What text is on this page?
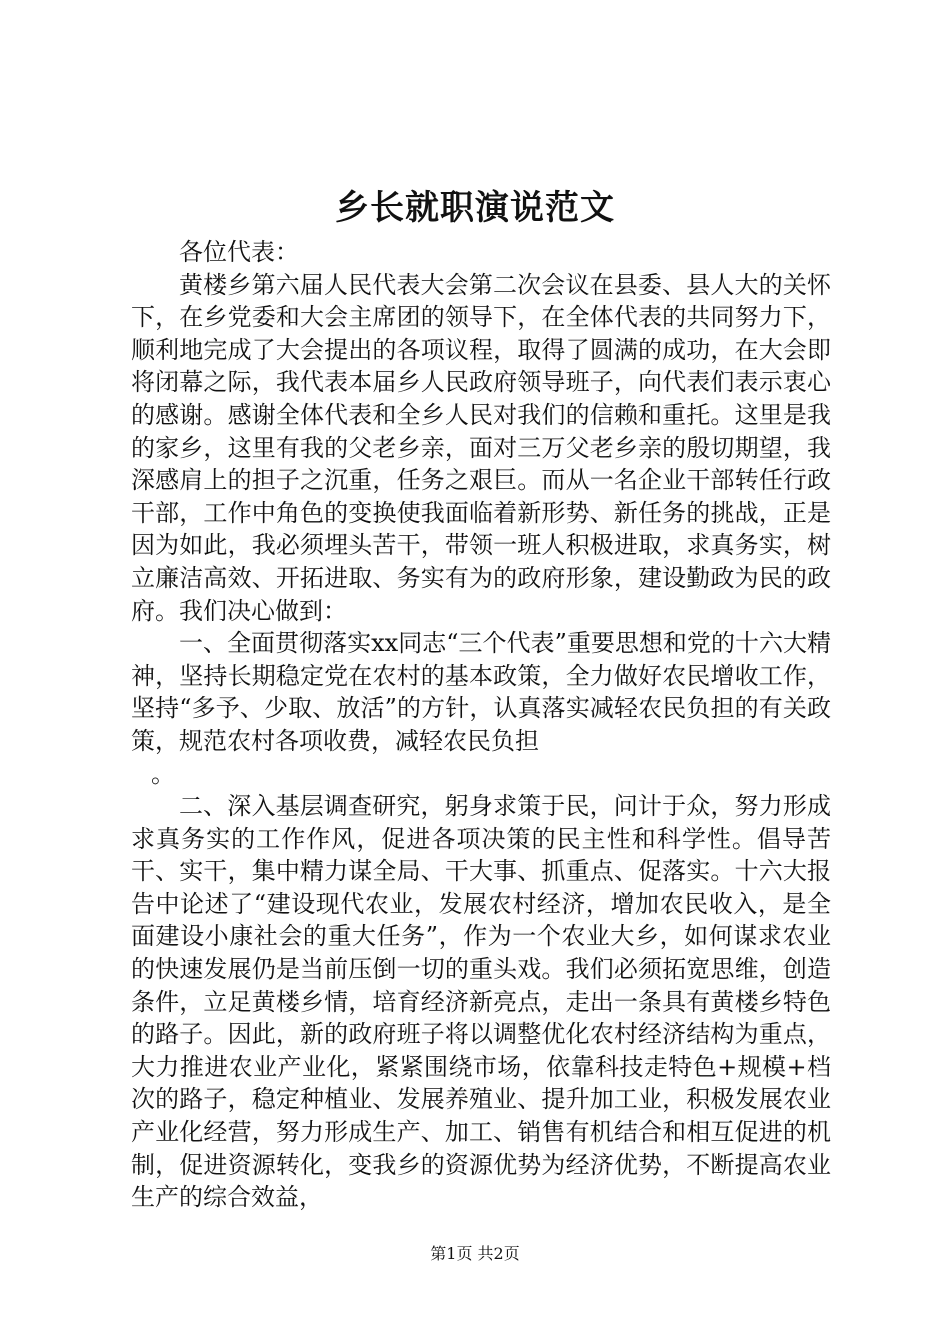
乡长就职演说范文

各位代表：

黄楼乡第六届人民代表大会第二次会议在县委、县人大的关怀下，在乡党委和大会主席团的领导下，在全体代表的共同努力下，顺利地完成了大会提出的各项议程，取得了圆满的成功，在大会即将闭幕之际，我代表本届乡人民政府领导班子，向代表们表示衷心的感谢。感谢全体代表和全乡人民对我们的信赖和重托。这里是我的家乡，这里有我的父老乡亲，面对三万父老乡亲的殷切期望，我深感肩上的担子之沉重，任务之艰巨。而从一名企业干部转任行政干部，工作中角色的变换使我面临着新形势、新任务的挑战，正是因为如此，我必须埋头苦干，带领一班人积极进取，求真务实，树立廉洁高效、开拓进取、务实有为的政府形象，建设勤政为民的政府。我们决心做到：

一、全面贯彻落实xx同志“三个代表”重要思想和党的十六大精神，坚持长期稳定党在农村的基本政策，全力做好农民增收工作，坚持“多予、少取、放活”的方针，认真落实减轻农民负担的有关政策，规范农村各项收费，减轻农民负担

。

二、深入基层调查研究，躬身求策于民，问计于众，努力形成求真务实的工作作风，促进各项决策的民主性和科学性。倡导苦干、实干，集中精力谋全局、干大事、抓重点、促落实。十六大报告中论述了“建设现代农业，发展农村经济，增加农民收入，是全面建设小康社会的重大任务”，作为一个农业大乡，如何谋求农业的快速发展仍是当前压倒一切的重头戏。我们必须拓宽思维，创造条件，立足黄楼乡情，培育经济新亮点，走出一条具有黄楼乡特色的路子。因此，新的政府班子将以调整优化农村经济结构为重点，大力推进农业产业化，紧紧围绕市场，依靠科技走特色+规模+档次的路子，稳定种植业、发展养殖业、提升加工业，积极发展农业产业化经营，努力形成生产、加工、销售有机结合和相互促进的机制，促进资源转化，变我乡的资源优势为经济优势，不断提高农业生产的综合效益，

第1页 共2页
